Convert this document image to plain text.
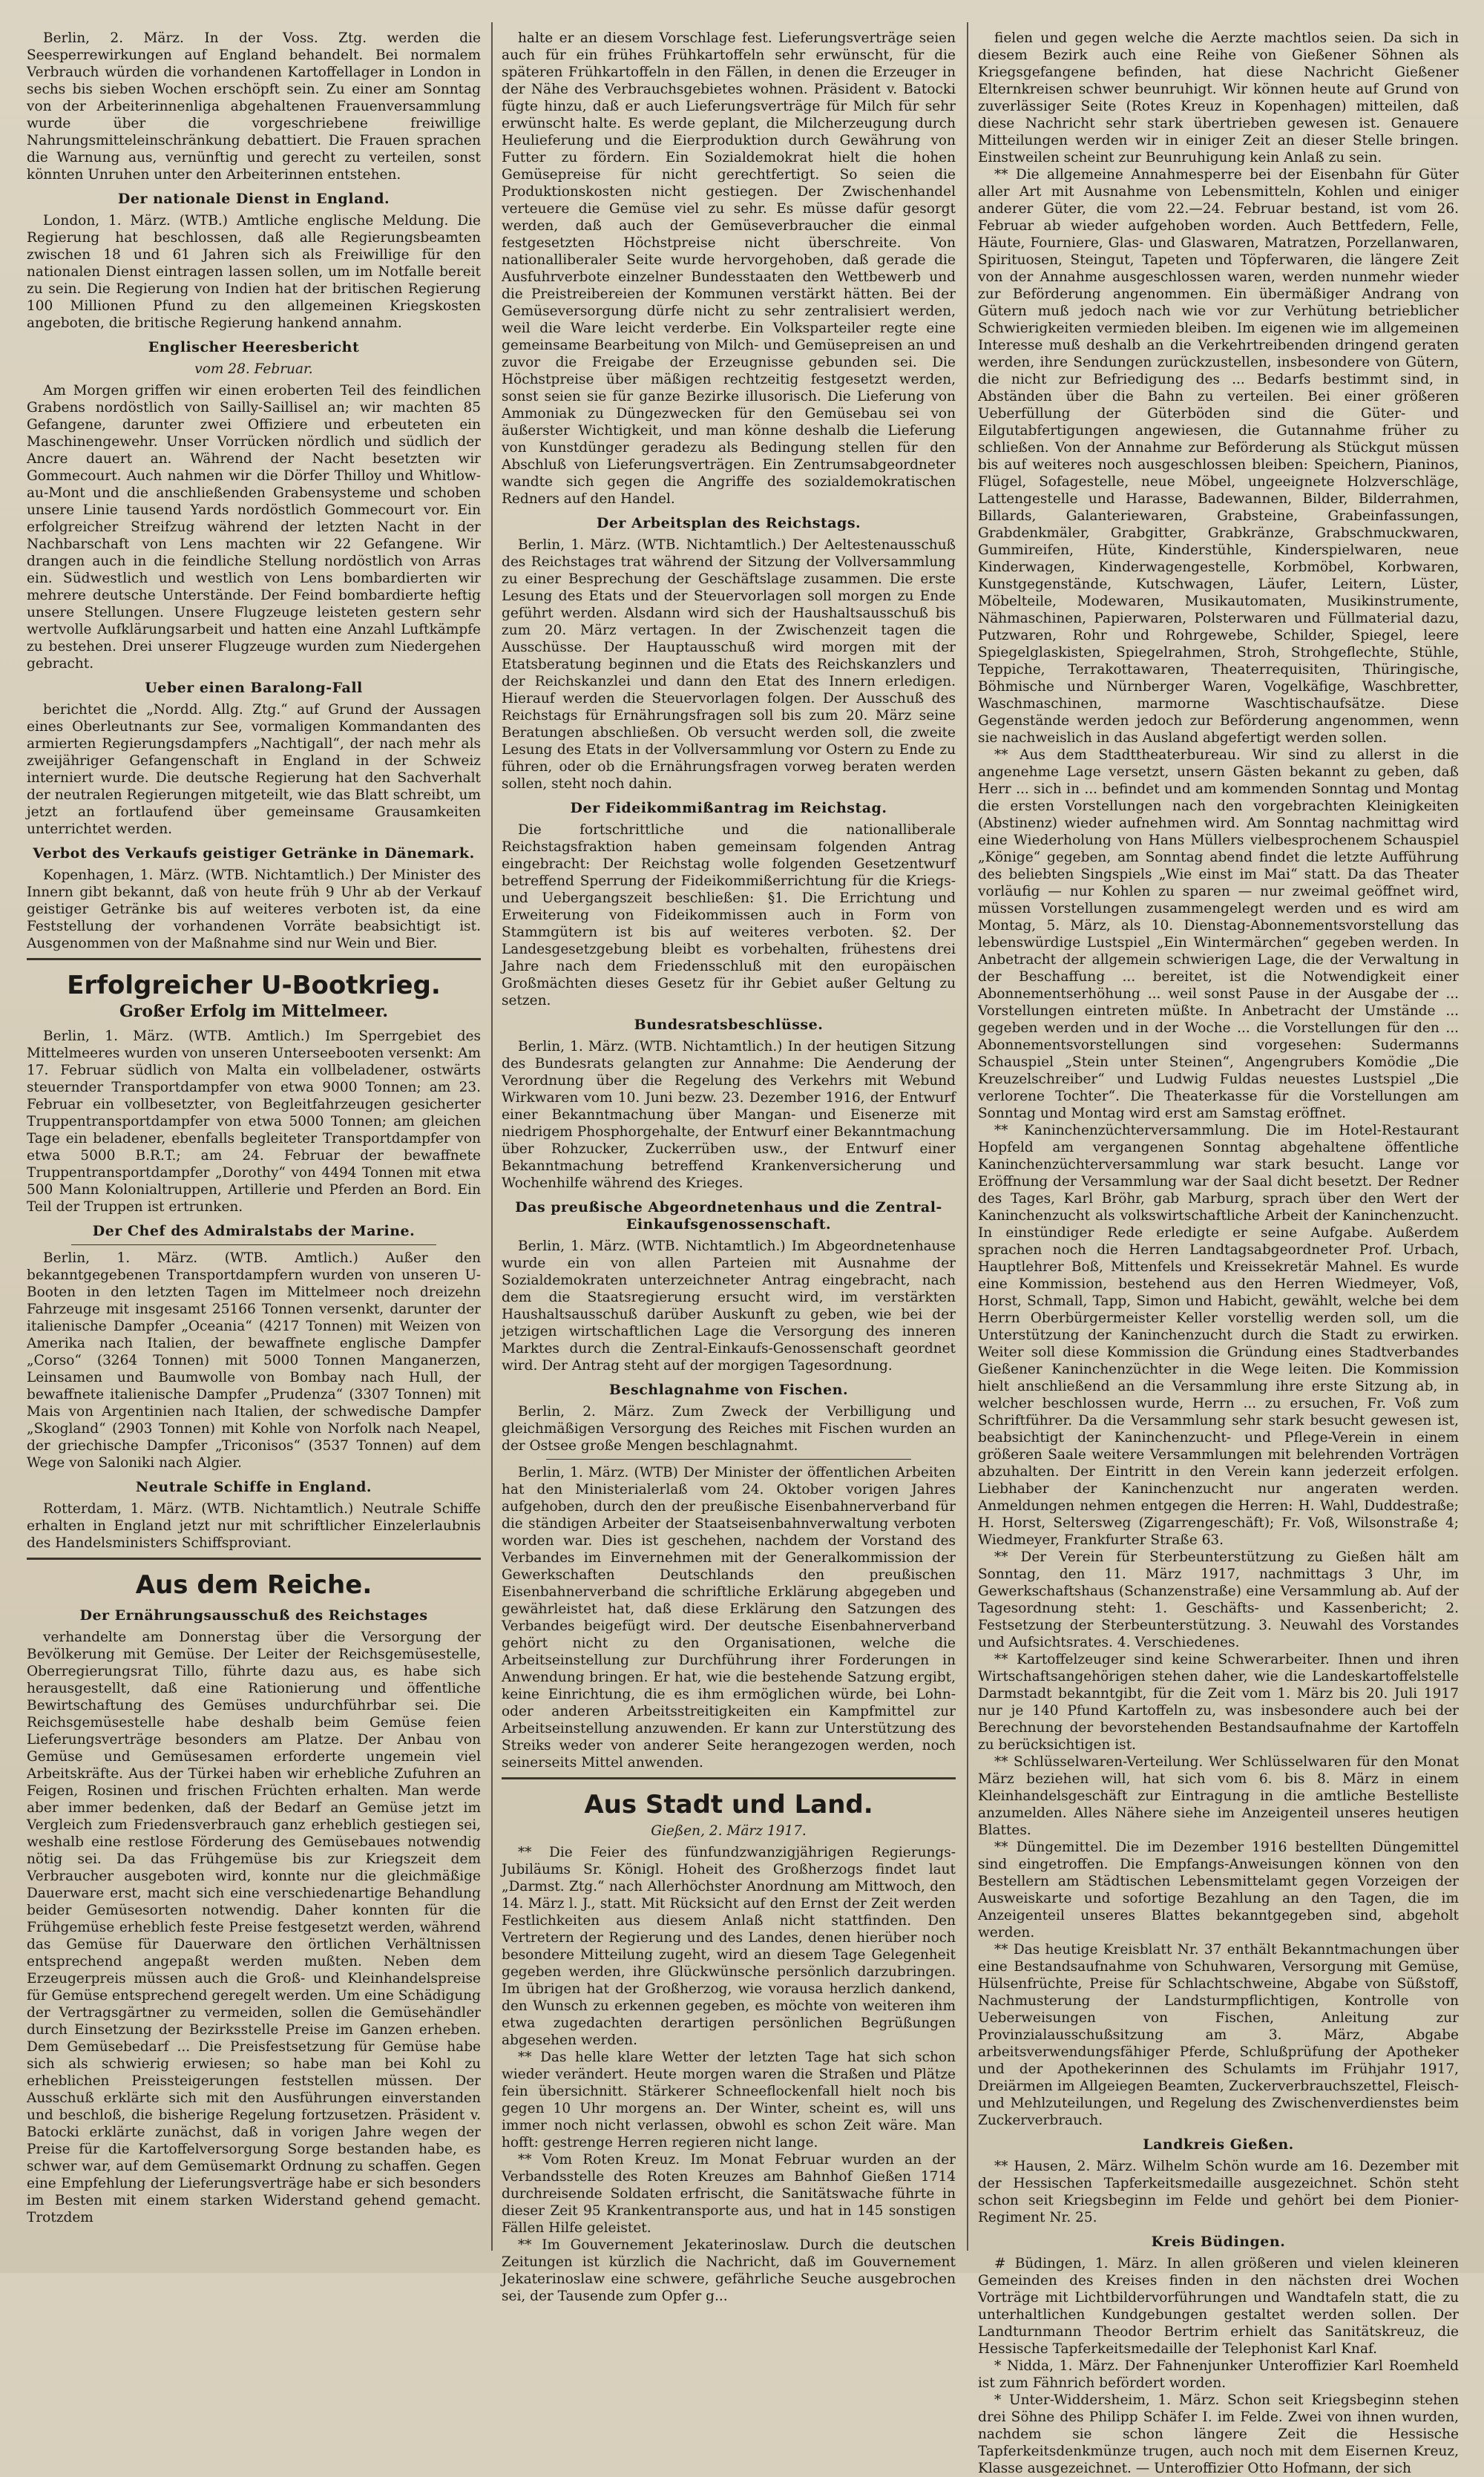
Berlin, 2. März. In der Voss. Ztg. werden die Seesperrewirkungen auf England behandelt. Bei normalem Verbrauch würden die vorhandenen Kartoffellager in London in sechs bis sieben Wochen erschöpft sein. Zu einer am Sonntag von der Arbeiterinnenliga abgehaltenen Frauenversammlung wurde über die vorgeschriebene freiwillige Nahrungsmitteleinschränkung debattiert. Die Frauen sprachen die Warnung aus, vernünftig und gerecht zu verteilen, sonst könnten Unruhen unter den Arbeiterinnen entstehen.

Der nationale Dienst in England.

London, 1. März. (WTB.) Amtliche englische Meldung. Die Regierung hat beschlossen, daß alle Regierungsbeamten zwischen 18 und 61 Jahren sich als Freiwillige für den nationalen Dienst eintragen lassen sollen, um im Notfalle bereit zu sein. Die Regierung von Indien hat der britischen Regierung 100 Millionen Pfund zu den allgemeinen Kriegskosten angeboten, die britische Regierung hankend annahm.

Englischer Heeresbericht
vom 28. Februar.

Am Morgen griffen wir einen eroberten Teil des feindlichen Grabens nordöstlich von Sailly-Saillisel an; wir machten 85 Gefangene, darunter zwei Offiziere und erbeuteten ein Maschinengewehr. Unser Vorrücken nördlich und südlich der Ancre dauert an. Während der Nacht besetzten wir Gommecourt. Auch nahmen wir die Dörfer Thilloy und Whitlow-au-Mont und die anschließenden Grabensysteme und schoben unsere Linie tausend Yards nordöstlich Gommecourt vor. Ein erfolgreicher Streifzug während der letzten Nacht in der Nachbarschaft von Lens machten wir 22 Gefangene. Wir drangen auch in die feindliche Stellung nordöstlich von Arras ein. Südwestlich und westlich von Lens bombardierten wir mehrere deutsche Unterstände. Der Feind bombardierte heftig unsere Stellungen. Unsere Flugzeuge leisteten gestern sehr wertvolle Aufklärungsarbeit und hatten eine Anzahl Luftkämpfe zu bestehen. Drei unserer Flugzeuge wurden zum Niedergehen gebracht.

Ueber einen Baralong-Fall

berichtet die „Nordd. Allg. Ztg.“ auf Grund der Aussagen eines Oberleutnants zur See, vormaligen Kommandanten des armierten Regierungsdampfers „Nachtigall“, der nach mehr als zweijähriger Gefangenschaft in England in der Schweiz interniert wurde. Die deutsche Regierung hat den Sachverhalt der neutralen Regierungen mitgeteilt, wie das Blatt schreibt, um jetzt an fortlaufend über gemeinsame Grausamkeiten unterrichtet werden.

Verbot des Verkaufs geistiger Getränke in Dänemark.

Kopenhagen, 1. März. (WTB. Nichtamtlich.) Der Minister des Innern gibt bekannt, daß von heute früh 9 Uhr ab der Verkauf geistiger Getränke bis auf weiteres verboten ist, da eine Feststellung der vorhandenen Vorräte beabsichtigt ist. Ausgenommen von der Maßnahme sind nur Wein und Bier.

Erfolgreicher U-Bootkrieg.
Großer Erfolg im Mittelmeer.

Berlin, 1. März. (WTB. Amtlich.) Im Sperrgebiet des Mittelmeeres wurden von unseren Unterseebooten versenkt: Am 17. Februar südlich von Malta ein vollbeladener, ostwärts steuernder Transportdampfer von etwa 9000 Tonnen; am 23. Februar ein vollbesetzter, von Begleitfahrzeugen gesicherter Truppentransportdampfer von etwa 5000 Tonnen; am gleichen Tage ein beladener, ebenfalls begleiteter Transportdampfer von etwa 5000 B.R.T.; am 24. Februar der bewaffnete Truppentransportdampfer „Dorothy“ von 4494 Tonnen mit etwa 500 Mann Kolonialtruppen, Artillerie und Pferden an Bord. Ein Teil der Truppen ist ertrunken.

Der Chef des Admiralstabs der Marine.

Berlin, 1. März. (WTB. Amtlich.) Außer den bekanntgegebenen Transportdampfern wurden von unseren U-Booten in den letzten Tagen im Mittelmeer noch dreizehn Fahrzeuge mit insgesamt 25166 Tonnen versenkt, darunter der italienische Dampfer „Oceania“ (4217 Tonnen) mit Weizen von Amerika nach Italien, der bewaffnete englische Dampfer „Corso“ (3264 Tonnen) mit 5000 Tonnen Manganerzen, Leinsamen und Baumwolle von Bombay nach Hull, der bewaffnete italienische Dampfer „Prudenza“ (3307 Tonnen) mit Mais von Argentinien nach Italien, der schwedische Dampfer „Skogland“ (2903 Tonnen) mit Kohle von Norfolk nach Neapel, der griechische Dampfer „Triconisos“ (3537 Tonnen) auf dem Wege von Saloniki nach Algier.

Neutrale Schiffe in England.

Rotterdam, 1. März. (WTB. Nichtamtlich.) Neutrale Schiffe erhalten in England jetzt nur mit schriftlicher Einzelerlaubnis des Handelsministers Schiffsproviant.

Aus dem Reiche.
Der Ernährungsausschuß des Reichstages

verhandelte am Donnerstag über die Versorgung der Bevölkerung mit Gemüse. Der Leiter der Reichsgemüsestelle, Oberregierungsrat Tillo, führte dazu aus, es habe sich herausgestellt, daß eine Rationierung und öffentliche Bewirtschaftung des Gemüses undurchführbar sei. Die Reichsgemüsestelle habe deshalb beim Gemüse feien Lieferungsverträge besonders am Platze. Der Anbau von Gemüse und Gemüsesamen erforderte ungemein viel Arbeitskräfte. Aus der Türkei haben wir erhebliche Zufuhren an Feigen, Rosinen und frischen Früchten erhalten. Man werde aber immer bedenken, daß der Bedarf an Gemüse jetzt im Vergleich zum Friedensverbrauch ganz erheblich gestiegen sei, weshalb eine restlose Förderung des Gemüsebaues notwendig nötig sei. Da das Frühgemüse bis zur Kriegszeit dem Verbraucher ausgeboten wird, konnte nur die gleichmäßige Dauerware erst, macht sich eine verschiedenartige Behandlung beider Gemüsesorten notwendig. Daher konnten für die Frühgemüse erheblich feste Preise festgesetzt werden, während das Gemüse für Dauerware den örtlichen Verhältnissen entsprechend angepaßt werden mußten. Neben dem Erzeugerpreis müssen auch die Groß- und Kleinhandelspreise für Gemüse entsprechend geregelt werden. Um eine Schädigung der Vertragsgärtner zu vermeiden, sollen die Gemüsehändler durch Einsetzung der Bezirksstelle Preise im Ganzen erheben. Dem Gemüsebedarf ... Die Preisfestsetzung für Gemüse habe sich als schwierig erwiesen; so habe man bei Kohl zu erheblichen Preissteigerungen feststellen müssen. Der Ausschuß erklärte sich mit den Ausführungen einverstanden und beschloß, die bisherige Regelung fortzusetzen. Präsident v. Batocki erklärte zunächst, daß in vorigen Jahre wegen der Preise für die Kartoffelversorgung Sorge bestanden habe, es schwer war, auf dem Gemüsemarkt Ordnung zu schaffen. Gegen eine Empfehlung der Lieferungsverträge habe er sich besonders im Besten mit einem starken Widerstand gehend gemacht. Trotzdem

halte er an diesem Vorschlage fest. Lieferungsverträge seien auch für ein frühes Frühkartoffeln sehr erwünscht, für die späteren Frühkartoffeln in den Fällen, in denen die Erzeuger in der Nähe des Verbrauchsgebietes wohnen. Präsident v. Batocki fügte hinzu, daß er auch Lieferungsverträge für Milch für sehr erwünscht halte. Es werde geplant, die Milcherzeugung durch Heulieferung und die Eierproduktion durch Gewährung von Futter zu fördern. Ein Sozialdemokrat hielt die hohen Gemüsepreise für nicht gerechtfertigt. So seien die Produktionskosten nicht gestiegen. Der Zwischenhandel verteuere die Gemüse viel zu sehr. Es müsse dafür gesorgt werden, daß auch der Gemüseverbraucher die einmal festgesetzten Höchstpreise nicht überschreite. Von nationalliberaler Seite wurde hervorgehoben, daß gerade die Ausfuhrverbote einzelner Bundesstaaten den Wettbewerb und die Preistreibereien der Kommunen verstärkt hätten. Bei der Gemüseversorgung dürfe nicht zu sehr zentralisiert werden, weil die Ware leicht verderbe. Ein Volksparteiler regte eine gemeinsame Bearbeitung von Milch- und Gemüsepreisen an und zuvor die Freigabe der Erzeugnisse gebunden sei. Die Höchstpreise über mäßigen rechtzeitig festgesetzt werden, sonst seien sie für ganze Bezirke illusorisch. Die Lieferung von Ammoniak zu Düngezwecken für den Gemüsebau sei von äußerster Wichtigkeit, und man könne deshalb die Lieferung von Kunstdünger geradezu als Bedingung stellen für den Abschluß von Lieferungsverträgen. Ein Zentrumsabgeordneter wandte sich gegen die Angriffe des sozialdemokratischen Redners auf den Handel.

Der Arbeitsplan des Reichstags.

Berlin, 1. März. (WTB. Nichtamtlich.) Der Aeltestenausschuß des Reichstages trat während der Sitzung der Vollversammlung zu einer Besprechung der Geschäftslage zusammen. Die erste Lesung des Etats und der Steuervorlagen soll morgen zu Ende geführt werden. Alsdann wird sich der Haushaltsausschuß bis zum 20. März vertagen. In der Zwischenzeit tagen die Ausschüsse. Der Hauptausschuß wird morgen mit der Etatsberatung beginnen und die Etats des Reichskanzlers und der Reichskanzlei und dann den Etat des Innern erledigen. Hierauf werden die Steuervorlagen folgen. Der Ausschuß des Reichstags für Ernährungsfragen soll bis zum 20. März seine Beratungen abschließen. Ob versucht werden soll, die zweite Lesung des Etats in der Vollversammlung vor Ostern zu Ende zu führen, oder ob die Ernährungsfragen vorweg beraten werden sollen, steht noch dahin.

Der Fideikommißantrag im Reichstag.

Die fortschrittliche und die nationalliberale Reichstagsfraktion haben gemeinsam folgenden Antrag eingebracht: Der Reichstag wolle folgenden Gesetzentwurf betreffend Sperrung der Fideikommißerrichtung für die Kriegs- und Uebergangszeit beschließen: §1. Die Errichtung und Erweiterung von Fideikommissen auch in Form von Stammgütern ist bis auf weiteres verboten. §2. Der Landesgesetzgebung bleibt es vorbehalten, frühestens drei Jahre nach dem Friedensschluß mit den europäischen Großmächten dieses Gesetz für ihr Gebiet außer Geltung zu setzen.

Bundesratsbeschlüsse.

Berlin, 1. März. (WTB. Nichtamtlich.) In der heutigen Sitzung des Bundesrats gelangten zur Annahme: Die Aenderung der Verordnung über die Regelung des Verkehrs mit Webund Wirkwaren vom 10. Juni bezw. 23. Dezember 1916, der Entwurf einer Bekanntmachung über Mangan- und Eisenerze mit niedrigem Phosphorgehalte, der Entwurf einer Bekanntmachung über Rohzucker, Zuckerrüben usw., der Entwurf einer Bekanntmachung betreffend Krankenversicherung und Wochenhilfe während des Krieges.

Das preußische Abgeordnetenhaus und die Zentral-Einkaufsgenossenschaft.

Berlin, 1. März. (WTB. Nichtamtlich.) Im Abgeordnetenhause wurde ein von allen Parteien mit Ausnahme der Sozialdemokraten unterzeichneter Antrag eingebracht, nach dem die Staatsregierung ersucht wird, im verstärkten Haushaltsausschuß darüber Auskunft zu geben, wie bei der jetzigen wirtschaftlichen Lage die Versorgung des inneren Marktes durch die Zentral-Einkaufs-Genossenschaft geordnet wird. Der Antrag steht auf der morgigen Tagesordnung.

Beschlagnahme von Fischen.

Berlin, 2. März. Zum Zweck der Verbilligung und gleichmäßigen Versorgung des Reiches mit Fischen wurden an der Ostsee große Mengen beschlagnahmt.

Berlin, 1. März. (WTB) Der Minister der öffentlichen Arbeiten hat den Ministerialerlaß vom 24. Oktober vorigen Jahres aufgehoben, durch den der preußische Eisenbahnerverband für die ständigen Arbeiter der Staatseisenbahnverwaltung verboten worden war. Dies ist geschehen, nachdem der Vorstand des Verbandes im Einvernehmen mit der Generalkommission der Gewerkschaften Deutschlands den preußischen Eisenbahnerverband die schriftliche Erklärung abgegeben und gewährleistet hat, daß diese Erklärung den Satzungen des Verbandes beigefügt wird. Der deutsche Eisenbahnerverband gehört nicht zu den Organisationen, welche die Arbeitseinstellung zur Durchführung ihrer Forderungen in Anwendung bringen. Er hat, wie die bestehende Satzung ergibt, keine Einrichtung, die es ihm ermöglichen würde, bei Lohn- oder anderen Arbeitsstreitigkeiten ein Kampfmittel zur Arbeitseinstellung anzuwenden. Er kann zur Unterstützung des Streiks weder von anderer Seite herangezogen werden, noch seinerseits Mittel anwenden.

Aus Stadt und Land.
Gießen, 2. März 1917.

** Die Feier des fünfundzwanzigjährigen Regierungs-Jubiläums Sr. Königl. Hoheit des Großherzogs findet laut „Darmst. Ztg.“ nach Allerhöchster Anordnung am Mittwoch, den 14. März l. J., statt. Mit Rücksicht auf den Ernst der Zeit werden Festlichkeiten aus diesem Anlaß nicht stattfinden. Den Vertretern der Regierung und des Landes, denen hierüber noch besondere Mitteilung zugeht, wird an diesem Tage Gelegenheit gegeben werden, ihre Glückwünsche persönlich darzubringen. Im übrigen hat der Großherzog, wie vorausa herzlich dankend, den Wunsch zu erkennen gegeben, es möchte von weiteren ihm etwa zugedachten derartigen persönlichen Begrüßungen abgesehen werden.

** Das helle klare Wetter der letzten Tage hat sich schon wieder verändert. Heute morgen waren die Straßen und Plätze fein übersichnitt. Stärkerer Schneeflockenfall hielt noch bis gegen 10 Uhr morgens an. Der Winter, scheint es, will uns immer noch nicht verlassen, obwohl es schon Zeit wäre. Man hofft: gestrenge Herren regieren nicht lange.

** Vom Roten Kreuz. Im Monat Februar wurden an der Verbandsstelle des Roten Kreuzes am Bahnhof Gießen 1714 durchreisende Soldaten erfrischt, die Sanitätswache führte in dieser Zeit 95 Krankentransporte aus, und hat in 145 sonstigen Fällen Hilfe geleistet.

** Im Gouvernement Jekaterinoslaw. Durch die deutschen Zeitungen ist kürzlich die Nachricht, daß im Gouvernement Jekaterinoslaw eine schwere, gefährliche Seuche ausgebrochen sei, der Tausende zum Opfer g...

fielen und gegen welche die Aerzte machtlos seien. Da sich in diesem Bezirk auch eine Reihe von Gießener Söhnen als Kriegsgefangene befinden, hat diese Nachricht Gießener Elternkreisen schwer beunruhigt. Wir können heute auf Grund von zuverlässiger Seite (Rotes Kreuz in Kopenhagen) mitteilen, daß diese Nachricht sehr stark übertrieben gewesen ist. Genauere Mitteilungen werden wir in einiger Zeit an dieser Stelle bringen. Einstweilen scheint zur Beunruhigung kein Anlaß zu sein.

** Die allgemeine Annahmesperre bei der Eisenbahn für Güter aller Art mit Ausnahme von Lebensmitteln, Kohlen und einiger anderer Güter, die vom 22.—24. Februar bestand, ist vom 26. Februar ab wieder aufgehoben worden. Auch Bettfedern, Felle, Häute, Fourniere, Glas- und Glaswaren, Matratzen, Porzellanwaren, Spirituosen, Steingut, Tapeten und Töpferwaren, die längere Zeit von der Annahme ausgeschlossen waren, werden nunmehr wieder zur Beförderung angenommen. Ein übermäßiger Andrang von Gütern muß jedoch nach wie vor zur Verhütung betrieblicher Schwierigkeiten vermieden bleiben. Im eigenen wie im allgemeinen Interesse muß deshalb an die Verkehrtreibenden dringend geraten werden, ihre Sendungen zurückzustellen, insbesondere von Gütern, die nicht zur Befriedigung des ... Bedarfs bestimmt sind, in Abständen über die Bahn zu verteilen. Bei einer größeren Ueberfüllung der Güterböden sind die Güter- und Eilgutabfertigungen angewiesen, die Gutannahme früher zu schließen. Von der Annahme zur Beförderung als Stückgut müssen bis auf weiteres noch ausgeschlossen bleiben: Speichern, Pianinos, Flügel, Sofagestelle, neue Möbel, ungeeignete Holzverschläge, Lattengestelle und Harasse, Badewannen, Bilder, Bilderrahmen, Billards, Galanteriewaren, Grabsteine, Grabeinfassungen, Grabdenkmäler, Grabgitter, Grabkränze, Grabschmuckwaren, Gummireifen, Hüte, Kinderstühle, Kinderspielwaren, neue Kinderwagen, Kinderwagengestelle, Korbmöbel, Korbwaren, Kunstgegenstände, Kutschwagen, Läufer, Leitern, Lüster, Möbelteile, Modewaren, Musikautomaten, Musikinstrumente, Nähmaschinen, Papierwaren, Polsterwaren und Füllmaterial dazu, Putzwaren, Rohr und Rohrgewebe, Schilder, Spiegel, leere Spiegelglaskisten, Spiegelrahmen, Stroh, Strohgeflechte, Stühle, Teppiche, Terrakottawaren, Theaterrequisiten, Thüringische, Böhmische und Nürnberger Waren, Vogelkäfige, Waschbretter, Waschmaschinen, marmorne Waschtischaufsätze. Diese Gegenstände werden jedoch zur Beförderung angenommen, wenn sie nachweislich in das Ausland abgefertigt werden sollen.

** Aus dem Stadttheaterbureau. Wir sind zu allerst in die angenehme Lage versetzt, unsern Gästen bekannt zu geben, daß Herr ... sich in ... befindet und am kommenden Sonntag und Montag die ersten Vorstellungen nach den vorgebrachten Kleinigkeiten (Abstinenz) wieder aufnehmen wird. Am Sonntag nachmittag wird eine Wiederholung von Hans Müllers vielbesprochenem Schauspiel „Könige“ gegeben, am Sonntag abend findet die letzte Aufführung des beliebten Singspiels „Wie einst im Mai“ statt. Da das Theater vorläufig — nur Kohlen zu sparen — nur zweimal geöffnet wird, müssen Vorstellungen zusammengelegt werden und es wird am Montag, 5. März, als 10. Dienstag-Abonnementsvorstellung das lebenswürdige Lustspiel „Ein Wintermärchen“ gegeben werden. In Anbetracht der allgemein schwierigen Lage, die der Verwaltung in der Beschaffung ... bereitet, ist die Notwendigkeit einer Abonnementserhöhung ... weil sonst Pause in der Ausgabe der ... Vorstellungen eintreten müßte. In Anbetracht der Umstände ... gegeben werden und in der Woche ... die Vorstellungen für den ... Abonnementsvorstellungen sind vorgesehen: Sudermanns Schauspiel „Stein unter Steinen“, Angengrubers Komödie „Die Kreuzelschreiber“ und Ludwig Fuldas neuestes Lustspiel „Die verlorene Tochter“. Die Theaterkasse für die Vorstellungen am Sonntag und Montag wird erst am Samstag eröffnet.

** Kaninchenzüchterversammlung. Die im Hotel-Restaurant Hopfeld am vergangenen Sonntag abgehaltene öffentliche Kaninchenzüchterversammlung war stark besucht. Lange vor Eröffnung der Versammlung war der Saal dicht besetzt. Der Redner des Tages, Karl Bröhr, gab Marburg, sprach über den Wert der Kaninchenzucht als volkswirtschaftliche Arbeit der Kaninchenzucht. In einstündiger Rede erledigte er seine Aufgabe. Außerdem sprachen noch die Herren Landtagsabgeordneter Prof. Urbach, Hauptlehrer Boß, Mittenfels und Kreissekretär Mahnel. Es wurde eine Kommission, bestehend aus den Herren Wiedmeyer, Voß, Horst, Schmall, Tapp, Simon und Habicht, gewählt, welche bei dem Herrn Oberbürgermeister Keller vorstellig werden soll, um die Unterstützung der Kaninchenzucht durch die Stadt zu erwirken. Weiter soll diese Kommission die Gründung eines Stadtverbandes Gießener Kaninchenzüchter in die Wege leiten. Die Kommission hielt anschließend an die Versammlung ihre erste Sitzung ab, in welcher beschlossen wurde, Herrn ... zu ersuchen, Fr. Voß zum Schriftführer. Da die Versammlung sehr stark besucht gewesen ist, beabsichtigt der Kaninchenzucht- und Pflege-Verein in einem größeren Saale weitere Versammlungen mit belehrenden Vorträgen abzuhalten. Der Eintritt in den Verein kann jederzeit erfolgen. Liebhaber der Kaninchenzucht nur angeraten werden. Anmeldungen nehmen entgegen die Herren: H. Wahl, Duddestraße; H. Horst, Seltersweg (Zigarrengeschäft); Fr. Voß, Wilsonstraße 4; Wiedmeyer, Frankfurter Straße 63.

** Der Verein für Sterbeunterstützung zu Gießen hält am Sonntag, den 11. März 1917, nachmittags 3 Uhr, im Gewerkschaftshaus (Schanzenstraße) eine Versammlung ab. Auf der Tagesordnung steht: 1. Geschäfts- und Kassenbericht; 2. Festsetzung der Sterbeunterstützung. 3. Neuwahl des Vorstandes und Aufsichtsrates. 4. Verschiedenes.

** Kartoffelzeuger sind keine Schwerarbeiter. Ihnen und ihren Wirtschaftsangehörigen stehen daher, wie die Landeskartoffelstelle Darmstadt bekanntgibt, für die Zeit vom 1. März bis 20. Juli 1917 nur je 140 Pfund Kartoffeln zu, was insbesondere auch bei der Berechnung der bevorstehenden Bestandsaufnahme der Kartoffeln zu berücksichtigen ist.

** Schlüsselwaren-Verteilung. Wer Schlüsselwaren für den Monat März beziehen will, hat sich vom 6. bis 8. März in einem Kleinhandelsgeschäft zur Eintragung in die amtliche Bestelliste anzumelden. Alles Nähere siehe im Anzeigenteil unseres heutigen Blattes.

** Düngemittel. Die im Dezember 1916 bestellten Düngemittel sind eingetroffen. Die Empfangs-Anweisungen können von den Bestellern am Städtischen Lebensmittelamt gegen Vorzeigen der Ausweiskarte und sofortige Bezahlung an den Tagen, die im Anzeigenteil unseres Blattes bekanntgegeben sind, abgeholt werden.

** Das heutige Kreisblatt Nr. 37 enthält Bekanntmachungen über eine Bestandsaufnahme von Schuhwaren, Versorgung mit Gemüse, Hülsenfrüchte, Preise für Schlachtschweine, Abgabe von Süßstoff, Nachmusterung der Landsturmpflichtigen, Kontrolle von Ueberweisungen von Fischen, Anleitung zur Provinzialausschußsitzung am 3. März, Abgabe arbeitsverwendungsfähiger Pferde, Schlußprüfung der Apotheker und der Apothekerinnen des Schulamts im Frühjahr 1917, Dreiärmen im Allgeiegen Beamten, Zuckerverbrauchszettel, Fleisch- und Mehlzuteilungen, und Regelung des Zwischenverdienstes beim Zuckerverbrauch.

Landkreis Gießen.

** Hausen, 2. März. Wilhelm Schön wurde am 16. Dezember mit der Hessischen Tapferkeitsmedaille ausgezeichnet. Schön steht schon seit Kriegsbeginn im Felde und gehört bei dem Pionier-Regiment Nr. 25.

Kreis Büdingen.

# Büdingen, 1. März. In allen größeren und vielen kleineren Gemeinden des Kreises finden in den nächsten drei Wochen Vorträge mit Lichtbildervorführungen und Wandtafeln statt, die zu unterhaltlichen Kundgebungen gestaltet werden sollen. Der Landturnmann Theodor Bertrim erhielt das Sanitätskreuz, die Hessische Tapferkeitsmedaille der Telephonist Karl Knaf.

* Nidda, 1. März. Der Fahnenjunker Unteroffizier Karl Roemheld ist zum Fähnrich befördert worden.

* Unter-Widdersheim, 1. März. Schon seit Kriegsbeginn stehen drei Söhne des Philipp Schäfer I. im Felde. Zwei von ihnen wurden, nachdem sie schon längere Zeit die Hessische Tapferkeitsdenkmünze trugen, auch noch mit dem Eisernen Kreuz, Klasse ausgezeichnet. — Unteroffizier Otto Hofmann, der sich
